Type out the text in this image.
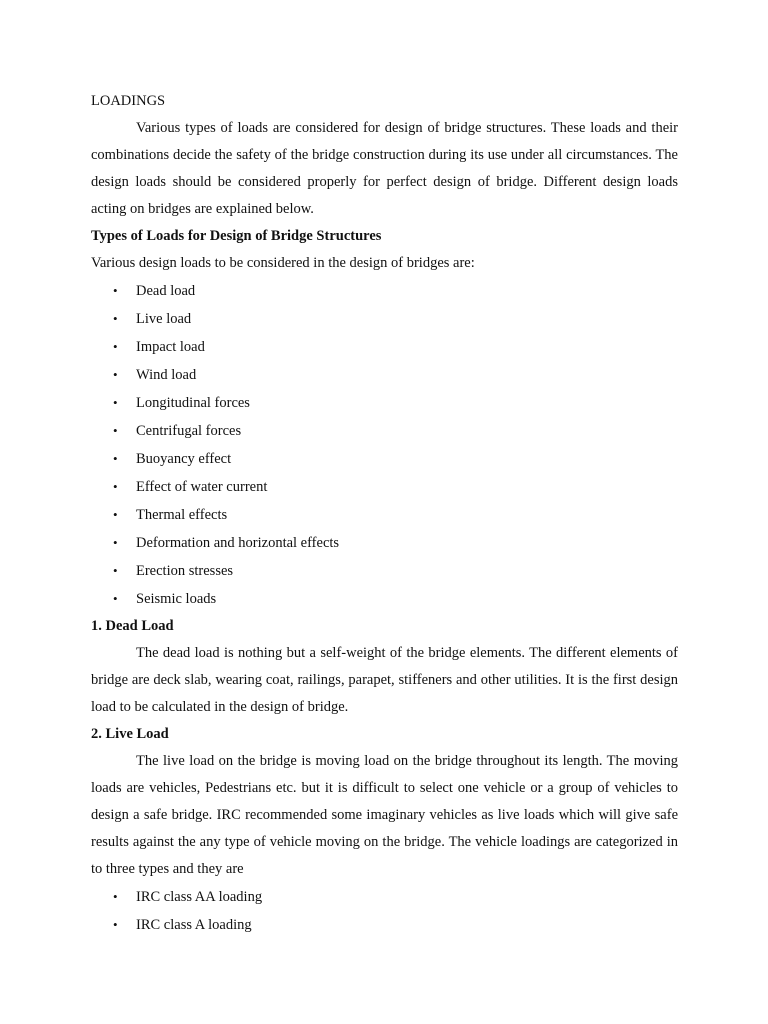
LOADINGS

Various types of loads are considered for design of bridge structures. These loads and their combinations decide the safety of the bridge construction during its use under all circumstances. The design loads should be considered properly for perfect design of bridge. Different design loads acting on bridges are explained below.

Types of Loads for Design of Bridge Structures

Various design loads to be considered in the design of bridges are:

• Dead load
• Live load
• Impact load
• Wind load
• Longitudinal forces
• Centrifugal forces
• Buoyancy effect
• Effect of water current
• Thermal effects
• Deformation and horizontal effects
• Erection stresses
• Seismic loads
1. Dead Load

The dead load is nothing but a self-weight of the bridge elements. The different elements of bridge are deck slab, wearing coat, railings, parapet, stiffeners and other utilities. It is the first design load to be calculated in the design of bridge.

2. Live Load

The live load on the bridge is moving load on the bridge throughout its length. The moving loads are vehicles, Pedestrians etc. but it is difficult to select one vehicle or a group of vehicles to design a safe bridge. IRC recommended some imaginary vehicles as live loads which will give safe results against the any type of vehicle moving on the bridge. The vehicle loadings are categorized in to three types and they are

• IRC class AA loading
• IRC class A loading
